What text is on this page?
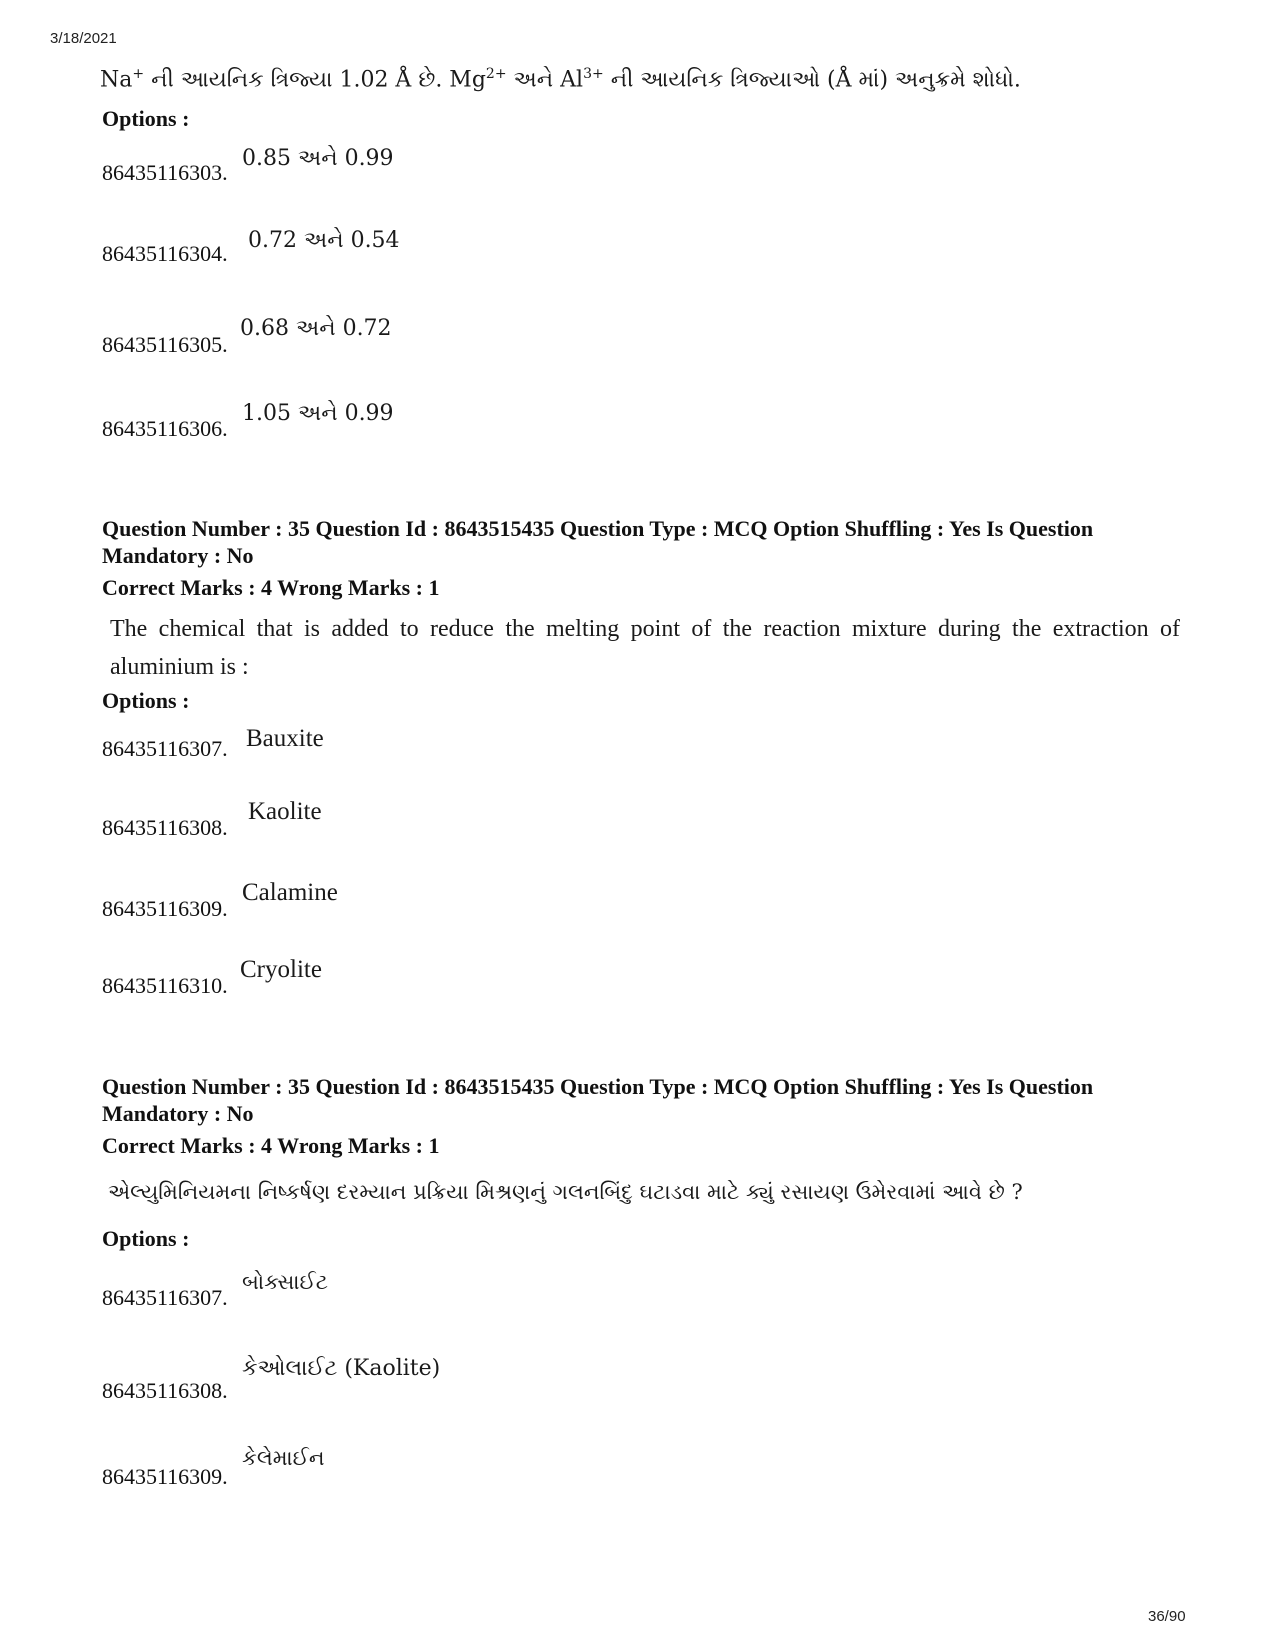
3/18/2021
Na+ ની આયનિક ત્રિજ્યા 1.02 Å છે. $Mg^{2+}$ અને $Al^{3+}$ ની આયનિક ત્રિજ્યાઓ (Å માં) અનુક્રમે શોધો.
Options :
86435116303.
0.85 અને 0.99
86435116304.
0.72 અને 0.54
86435116305.
0.68 અને 0.72
86435116306.
1.05 અને 0.99
Question Number : 35 Question Id : 8643515435 Question Type : MCQ Option Shuffling : Yes Is Question Mandatory : No
Correct Marks : 4 Wrong Marks : 1
The chemical that is added to reduce the melting point of the reaction mixture during the extraction of aluminium is :
Options :
86435116307. Bauxite
86435116308.
Kaolite
86435116309.
Calamine
86435116310.
Cryolite
Question Number : 35 Question Id : 8643515435 Question Type : MCQ Option Shuffling : Yes Is Question Mandatory : No
Correct Marks : 4 Wrong Marks : 1
એલ્યુમિનિયમના નિષ્કર્ષણ દરમ્યાન પ્રક્રિયા મિશ્રણનું ગલનબિંદુ ઘટાડવા માટે ક્યું રસાયણ ઉમેરવામાં આવે છે ?
Options :
86435116307.
બોક્સાઈટ
86435116308.
કેઓલાઈટ (Kaolite)
86435116309.
કેલેમાઈન
36/90
